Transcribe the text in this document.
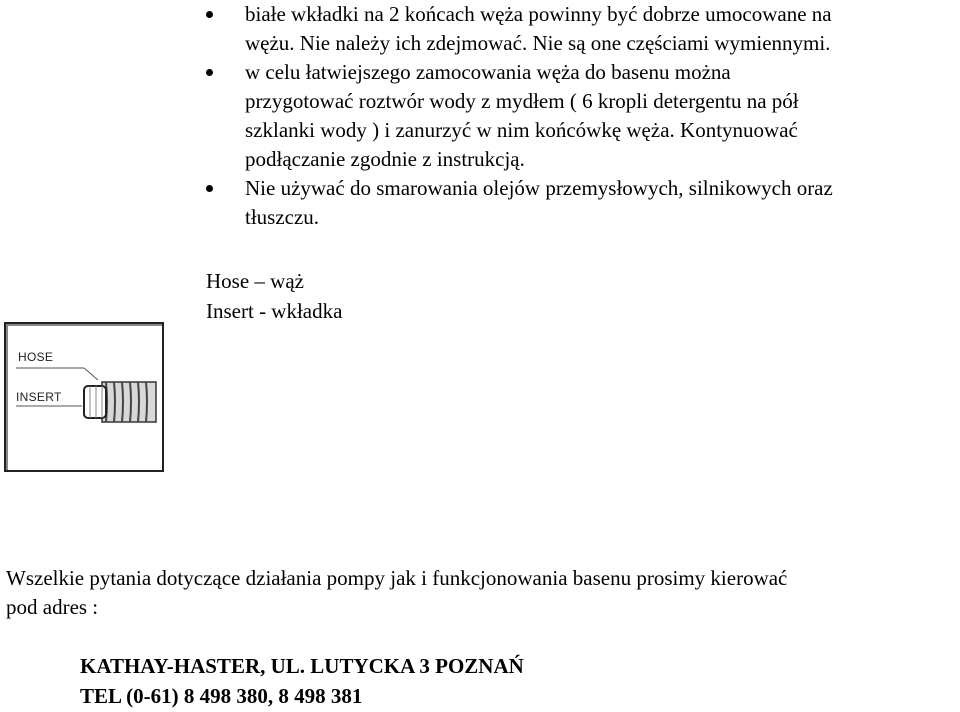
białe wkładki na 2 końcach węża powinny być dobrze umocowane na
wężu. Nie należy ich zdejmować. Nie są one częściami wymiennymi.
w celu łatwiejszego zamocowania węża do basenu można
przygotować roztwór wody z mydłem ( 6 kropli detergentu na pół
szklanki wody ) i zanurzyć w nim końcówkę węża. Kontynuować
podłączanie zgodnie z instrukcją.
Nie używać do smarowania olejów przemysłowych, silnikowych oraz
tłuszczu.
Hose – wąż
Insert - wkładka
HOSE
INSERT
Wszelkie pytania dotyczące działania pompy jak i funkcjonowania basenu prosimy kierować
pod adres :
KATHAY-HASTER, UL. LUTYCKA 3 POZNAŃ
TEL (0-61) 8 498 380, 8 498 381
